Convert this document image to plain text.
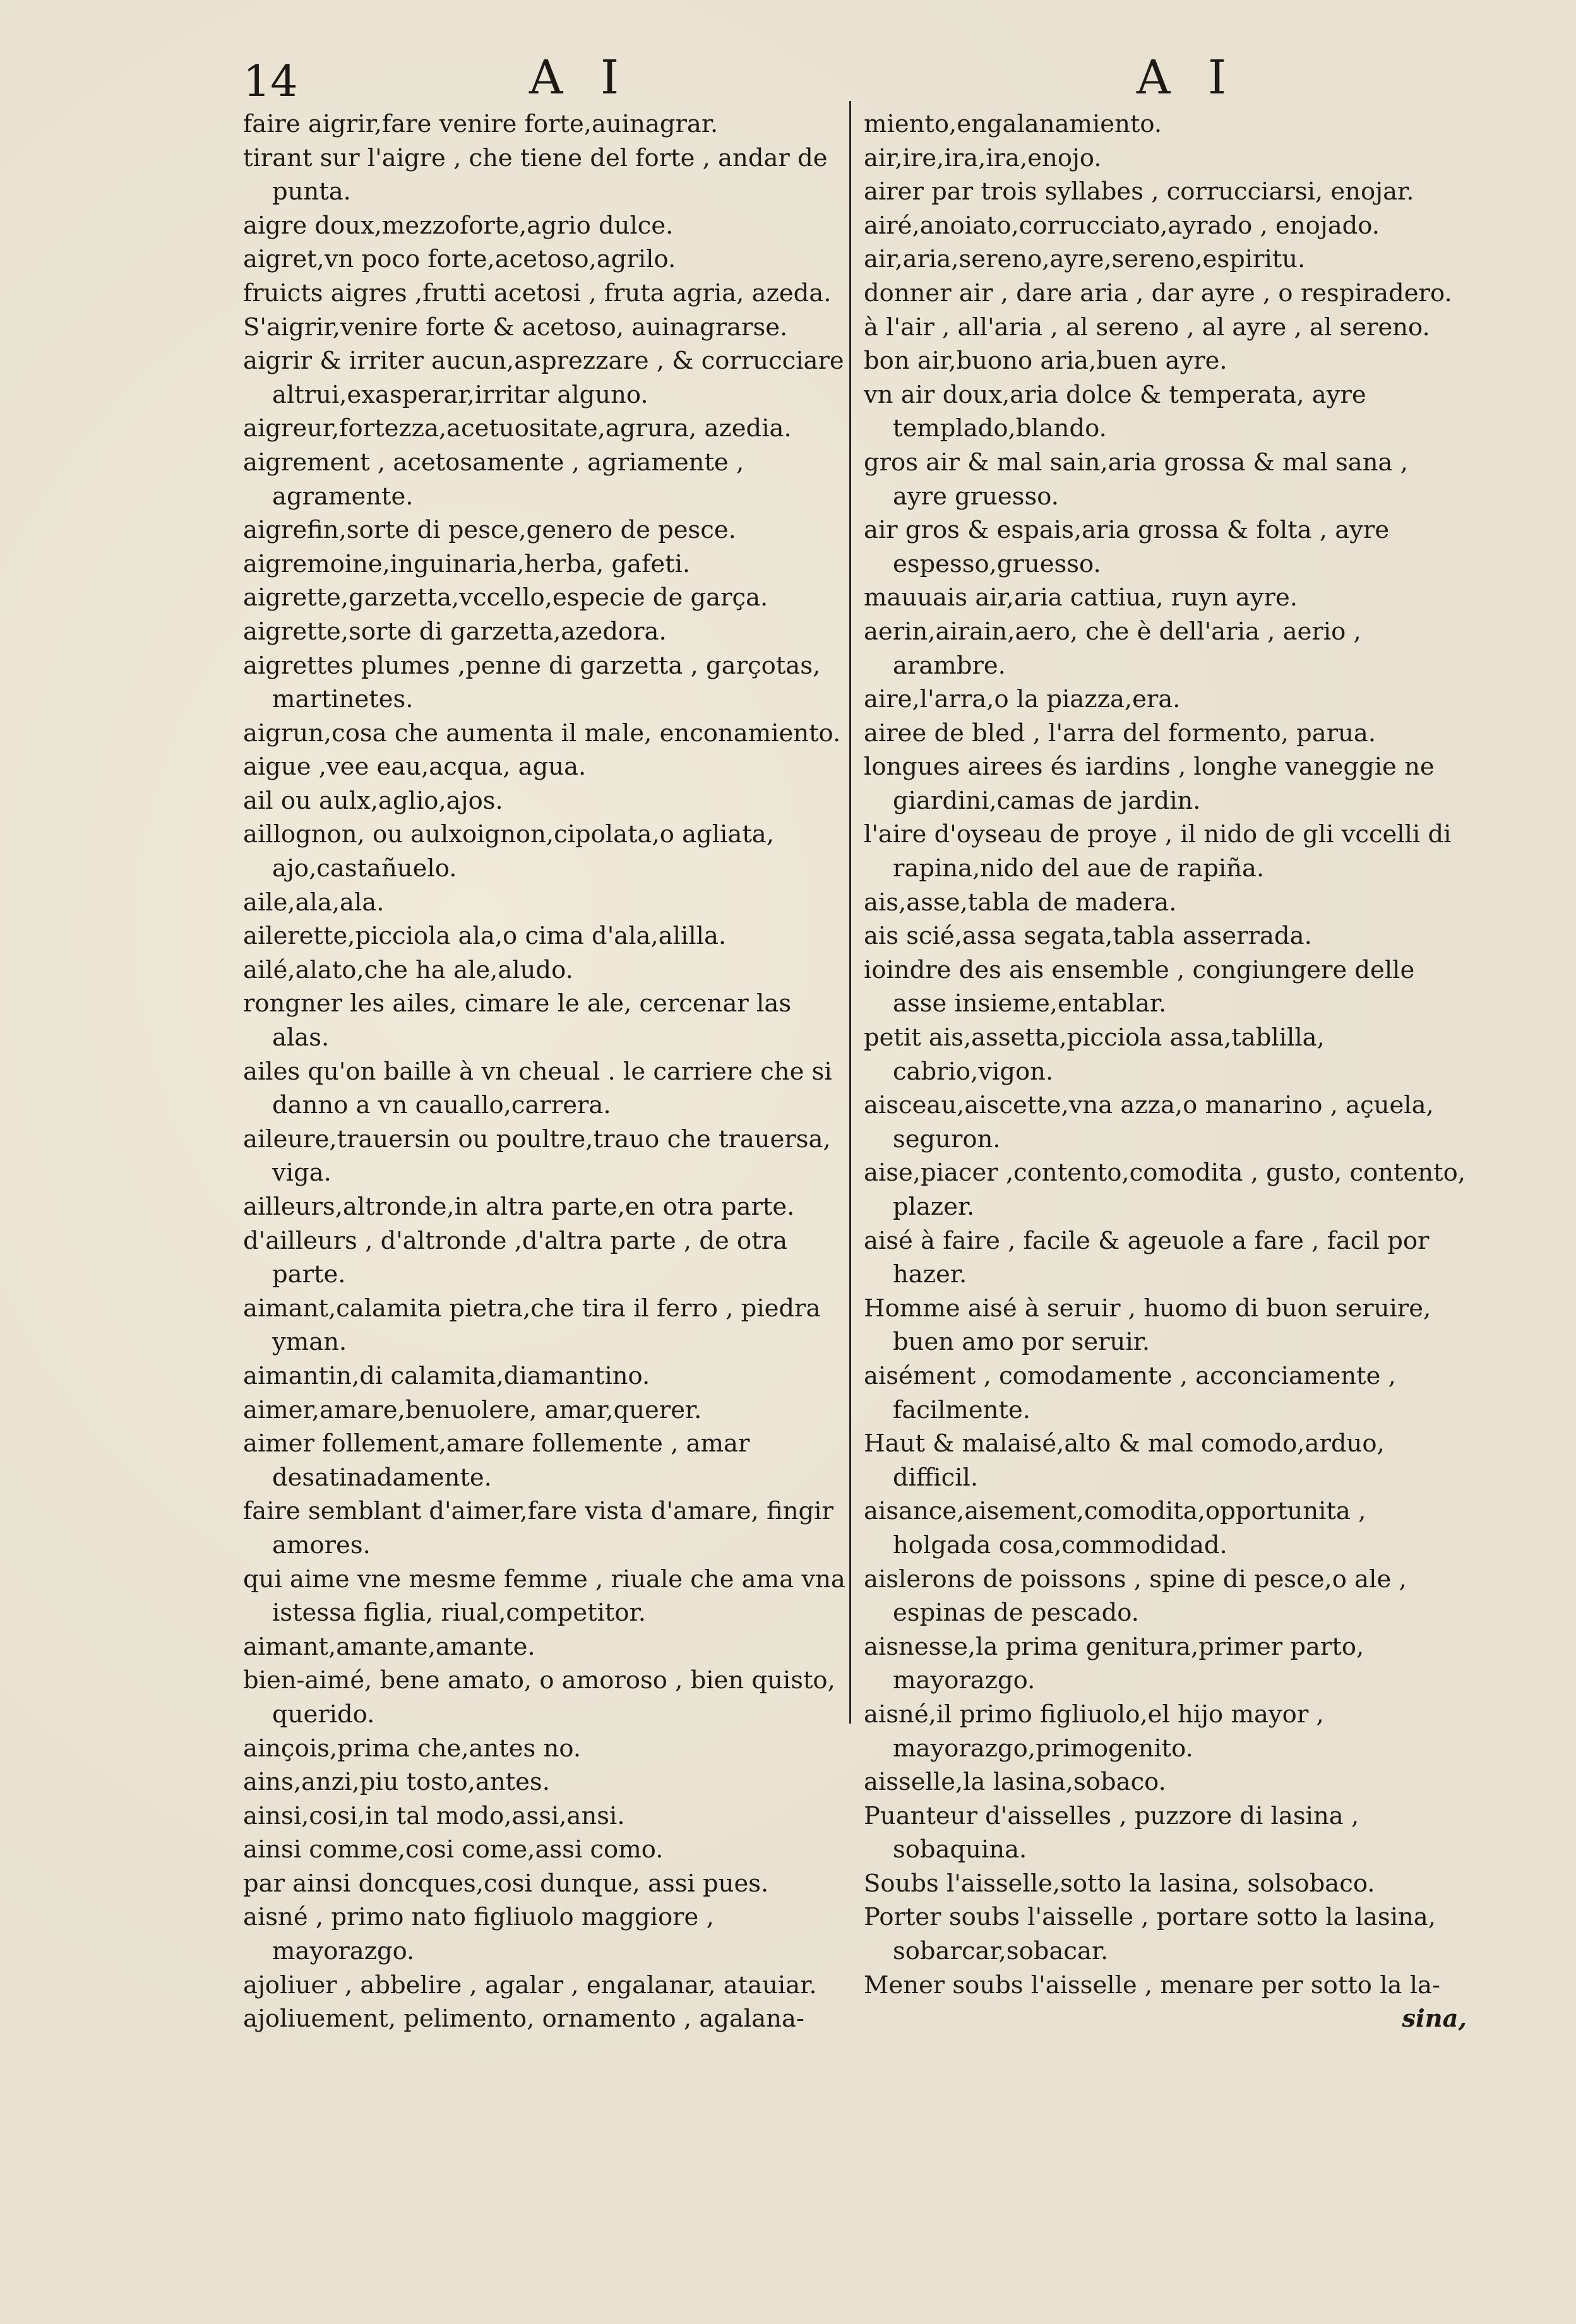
14	A I	A I

faire aigrir,fare venire forte,auinagrar.

tirant sur l'aigre , che tiene del forte , andar de punta.

aigre doux,mezzoforte,agrio dulce.

aigret,vn poco forte,acetoso,agrilo.

fruicts aigres ,frutti acetosi , fruta agria, azeda.

S'aigrir,venire forte & acetoso, auinagrarse.

aigrir & irriter aucun,asprezzare , & corrucciare altrui,exasperar,irritar alguno.

aigreur,fortezza,acetuositate,agrura, azedia.

aigrement , acetosamente , agriamente , agramente.

aigrefin,sorte di pesce,genero de pesce.

aigremoine,inguinaria,herba, gafeti.

aigrette,garzetta,vccello,especie de garça.

aigrette,sorte di garzetta,azedora.

aigrettes plumes ,penne di garzetta , garçotas, martinetes.

aigrun,cosa che aumenta il male, enconamiento.

aigue ,vee eau,acqua, agua.

ail ou aulx,aglio,ajos.

aillognon, ou aulxoignon,cipolata,o agliata, ajo,castañuelo.

aile,ala,ala.

ailerette,picciola ala,o cima d'ala,alilla.

ailé,alato,che ha ale,aludo.

rongner les ailes, cimare le ale, cercenar las alas.

ailes qu'on baille à vn cheual . le carriere che si danno a vn cauallo,carrera.

aileure,trauersin ou poultre,trauo che trauersa, viga.

ailleurs,altronde,in altra parte,en otra parte.

d'ailleurs , d'altronde ,d'altra parte , de otra parte.

aimant,calamita pietra,che tira il ferro , piedra yman.

aimantin,di calamita,diamantino.

aimer,amare,benuolere, amar,querer.

aimer follement,amare follemente , amar desatinadamente.

faire semblant d'aimer,fare vista d'amare, fingir amores.

qui aime vne mesme femme , riuale che ama vna istessa figlia, riual,competitor.

aimant,amante,amante.

bien-aimé, bene amato, o amoroso , bien quisto, querido.

ainçois,prima che,antes no.

ains,anzi,piu tosto,antes.

ainsi,cosi,in tal modo,assi,ansi.

ainsi comme,cosi come,assi como.

par ainsi doncques,cosi dunque, assi pues.

aisné , primo nato figliuolo maggiore , mayorazgo.

ajoliuer , abbelire , agalar , engalanar, atauiar.

ajoliuement, pelimento, ornamento , agalana-

miento,engalanamiento.

air,ire,ira,ira,enojo.

airer par trois syllabes , corrucciarsi, enojar.

airé,anoiato,corrucciato,ayrado , enojado.

air,aria,sereno,ayre,sereno,espiritu.

donner air , dare aria , dar ayre , o respiradero.

à l'air , all'aria , al sereno , al ayre , al sereno.

bon air,buono aria,buen ayre.

vn air doux,aria dolce & temperata, ayre templado,blando.

gros air & mal sain,aria grossa & mal sana , ayre gruesso.

air gros & espais,aria grossa & folta , ayre espesso,gruesso.

mauuais air,aria cattiua, ruyn ayre.

aerin,airain,aero, che è dell'aria , aerio , arambre.

aire,l'arra,o la piazza,era.

airee de bled , l'arra del formento, parua.

longues airees és iardins , longhe vaneggie ne giardini,camas de jardin.

l'aire d'oyseau de proye , il nido de gli vccelli di rapina,nido del aue de rapiña.

ais,asse,tabla de madera.

ais scié,assa segata,tabla asserrada.

ioindre des ais ensemble , congiungere delle asse insieme,entablar.

petit ais,assetta,picciola assa,tablilla, cabrio,vigon.

aisceau,aiscette,vna azza,o manarino , açuela, seguron.

aise,piacer ,contento,comodita , gusto, contento, plazer.

aisé à faire , facile & ageuole a fare , facil por hazer.

Homme aisé à seruir , huomo di buon seruire, buen amo por seruir.

aisément , comodamente , acconciamente , facilmente.

Haut & malaisé,alto & mal comodo,arduo, difficil.

aisance,aisement,comodita,opportunita , holgada cosa,commodidad.

aislerons de poissons , spine di pesce,o ale , espinas de pescado.

aisnesse,la prima genitura,primer parto, mayorazgo.

aisné,il primo figliuolo,el hijo mayor , mayorazgo,primogenito.

aisselle,la lasina,sobaco.

Puanteur d'aisselles , puzzore di lasina , sobaquina.

Soubs l'aisselle,sotto la lasina, solsobaco.

Porter soubs l'aisselle , portare sotto la lasina, sobarcar,sobacar.

Mener soubs l'aisselle , menare per sotto la la-

sina,
